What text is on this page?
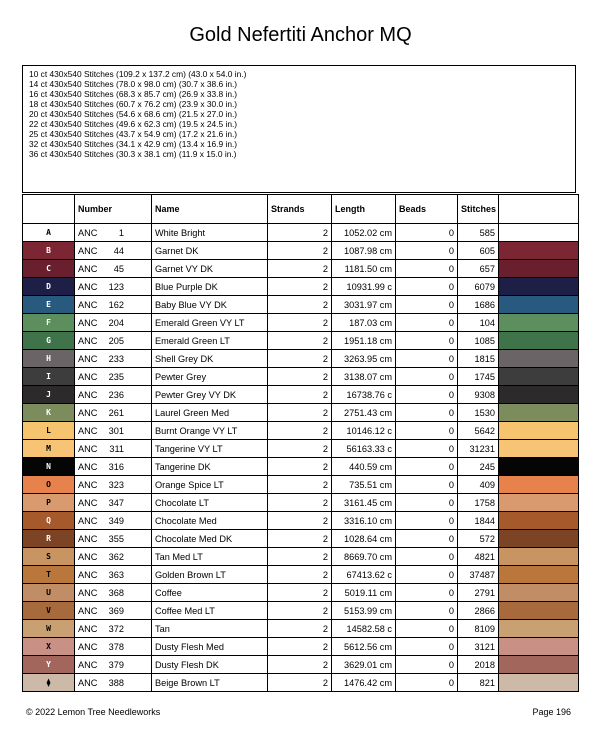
Gold Nefertiti Anchor MQ
10 ct 430x540 Stitches (109.2 x 137.2 cm) (43.0 x 54.0 in.)
14 ct 430x540 Stitches (78.0 x 98.0 cm) (30.7 x 38.6 in.)
16 ct 430x540 Stitches (68.3 x 85.7 cm) (26.9 x 33.8 in.)
18 ct 430x540 Stitches (60.7 x 76.2 cm) (23.9 x 30.0 in.)
20 ct 430x540 Stitches (54.6 x 68.6 cm) (21.5 x 27.0 in.)
22 ct 430x540 Stitches (49.6 x 62.3 cm) (19.5 x 24.5 in.)
25 ct 430x540 Stitches (43.7 x 54.9 cm) (17.2 x 21.6 in.)
32 ct 430x540 Stitches (34.1 x 42.9 cm) (13.4 x 16.9 in.)
36 ct 430x540 Stitches (30.3 x 38.1 cm) (11.9 x 15.0 in.)
	Number	Name	Strands	Length	Beads	Stitches	
A	ANC 1	White Bright	2	1052.02 cm	0	585	
B	ANC 44	Garnet DK	2	1087.98 cm	0	605	
C	ANC 45	Garnet VY DK	2	1181.50 cm	0	657	
D	ANC 123	Blue Purple DK	2	10931.99 c	0	6079	
E	ANC 162	Baby Blue VY DK	2	3031.97 cm	0	1686	
F	ANC 204	Emerald Green VY LT	2	187.03 cm	0	104	
G	ANC 205	Emerald Green LT	2	1951.18 cm	0	1085	
H	ANC 233	Shell Grey DK	2	3263.95 cm	0	1815	
I	ANC 235	Pewter Grey	2	3138.07 cm	0	1745	
J	ANC 236	Pewter Grey VY DK	2	16738.76 c	0	9308	
K	ANC 261	Laurel Green Med	2	2751.43 cm	0	1530	
L	ANC 301	Burnt Orange VY LT	2	10146.12 c	0	5642	
M	ANC 311	Tangerine VY LT	2	56163.33 c	0	31231	
N	ANC 316	Tangerine DK	2	440.59 cm	0	245	
O	ANC 323	Orange Spice LT	2	735.51 cm	0	409	
P	ANC 347	Chocolate LT	2	3161.45 cm	0	1758	
Q	ANC 349	Chocolate Med	2	3316.10 cm	0	1844	
R	ANC 355	Chocolate Med DK	2	1028.64 cm	0	572	
S	ANC 362	Tan Med LT	2	8669.70 cm	0	4821	
T	ANC 363	Golden Brown LT	2	67413.62 c	0	37487	
U	ANC 368	Coffee	2	5019.11 cm	0	2791	
V	ANC 369	Coffee Med LT	2	5153.99 cm	0	2866	
W	ANC 372	Tan	2	14582.58 c	0	8109	
X	ANC 378	Dusty Flesh Med	2	5612.56 cm	0	3121	
Y	ANC 379	Dusty Flesh DK	2	3629.01 cm	0	2018	
⧫	ANC 388	Beige Brown LT	2	1476.42 cm	0	821	
© 2022 Lemon Tree Needleworks	Page 196
